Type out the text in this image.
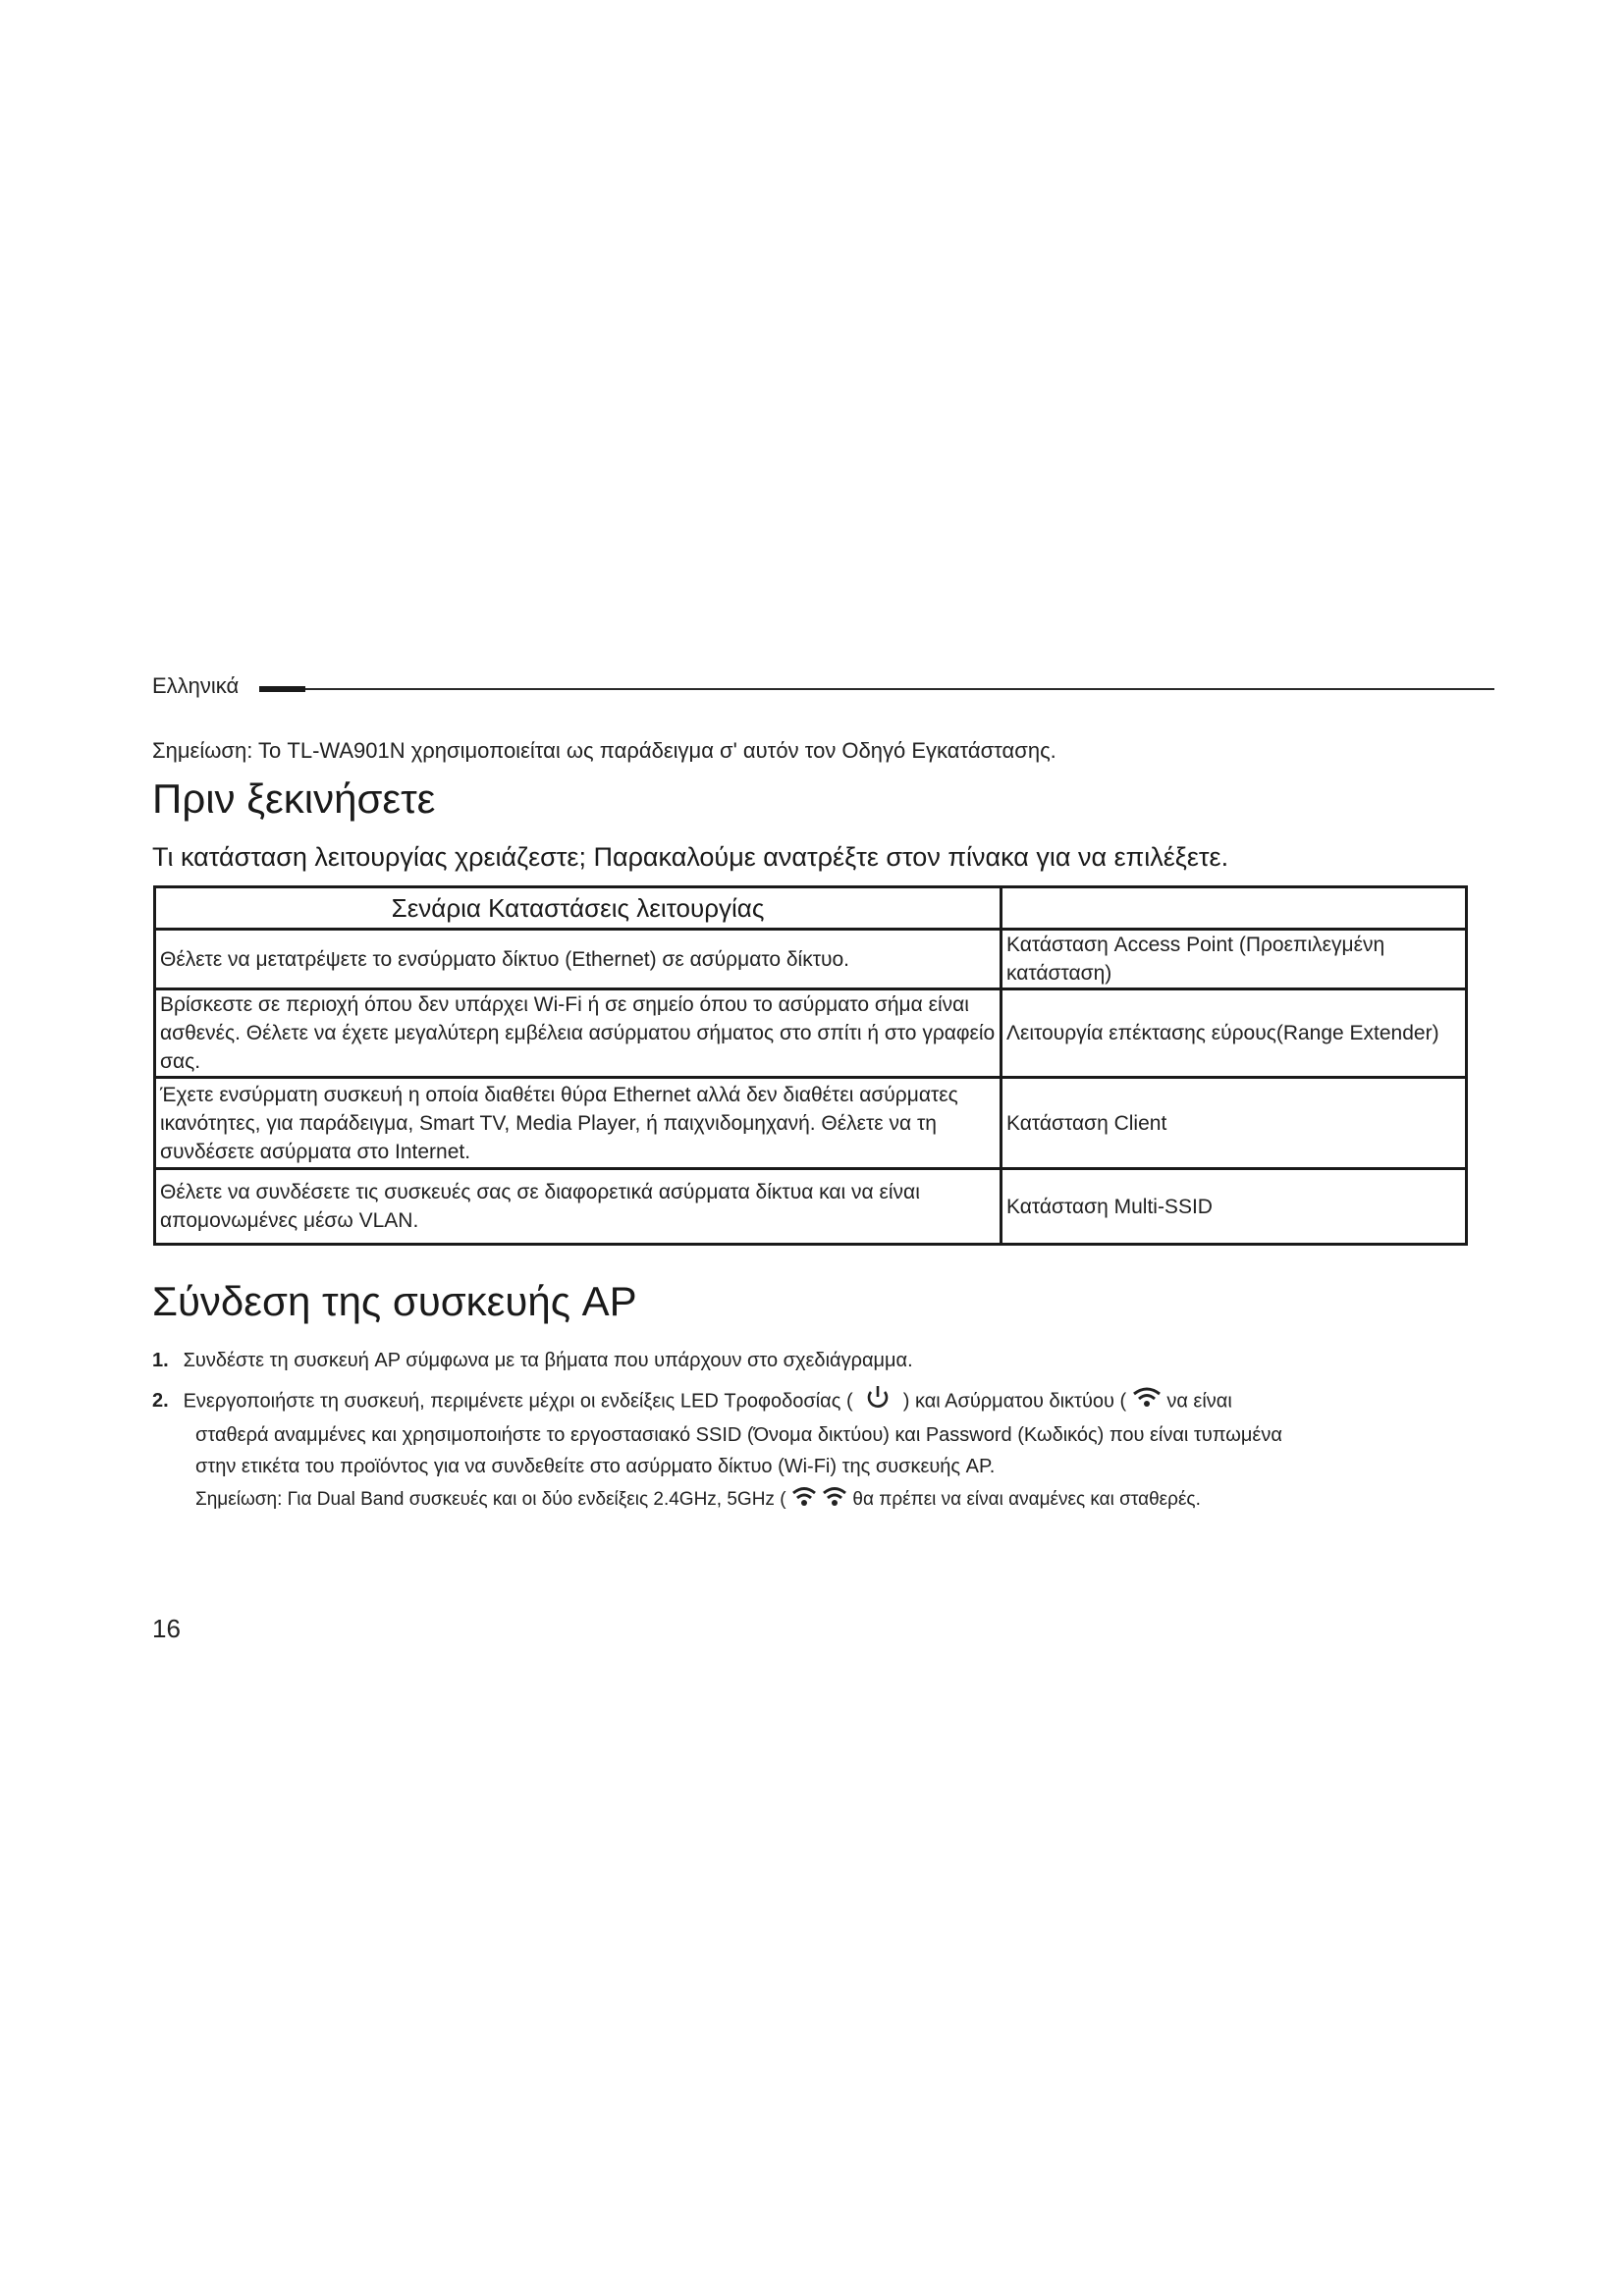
Ελληνικά
Σημείωση: Το TL-WA901N χρησιμοποιείται ως παράδειγμα σ' αυτόν τον Οδηγό Εγκατάστασης.
Πριν ξεκινήσετε
Τι κατάσταση λειτουργίας χρειάζεστε; Παρακαλούμε ανατρέξτε στον πίνακα για να επιλέξετε.
Σενάρια Καταστάσεις λειτουργίας	
Θέλετε να μετατρέψετε το ενσύρματο δίκτυο (Ethernet) σε ασύρματο δίκτυο.	Κατάσταση Access Point (Προεπιλεγμένη κατάσταση)
Βρίσκεστε σε περιοχή όπου δεν υπάρχει Wi-Fi ή σε σημείο όπου το ασύρματο σήμα είναι ασθενές. Θέλετε να έχετε μεγαλύτερη εμβέλεια ασύρματου σήματος στο σπίτι ή στο γραφείο σας.	Λειτουργία επέκτασης εύρους(Range Extender)
Έχετε ενσύρματη συσκευή η οποία διαθέτει θύρα Ethernet αλλά δεν διαθέτει ασύρματες ικανότητες, για παράδειγμα, Smart TV, Media Player, ή παιχνιδομηχανή. Θέλετε να τη συνδέσετε ασύρματα στο Internet.	Κατάσταση Client
Θέλετε να συνδέσετε τις συσκευές σας σε διαφορετικά ασύρματα δίκτυα και να είναι απομονωμένες μέσω VLAN.	Κατάσταση Multi-SSID
Σύνδεση της συσκευής AP
1. Συνδέστε τη συσκευή AP σύμφωνα με τα βήματα που υπάρχουν στο σχεδιάγραμμα.
2. Ενεργοποιήστε τη συσκευή, περιμένετε μέχρι οι ενδείξεις LED Τροφοδοσίας (	) και Ασύρματου δικτύου ( να είναι
σταθερά αναμμένες και χρησιμοποιήστε το εργοστασιακό SSID (Όνομα δικτύου) και Password (Κωδικός) που είναι τυπωμένα
στην ετικέτα του προϊόντος για να συνδεθείτε στο ασύρματο δίκτυο (Wi-Fi) της συσκευής AP.
Σημείωση: Για Dual Band συσκευές και οι δύο ενδείξεις 2.4GHz, 5GHz (	θα πρέπει να είναι αναμένες και σταθερές.
16
